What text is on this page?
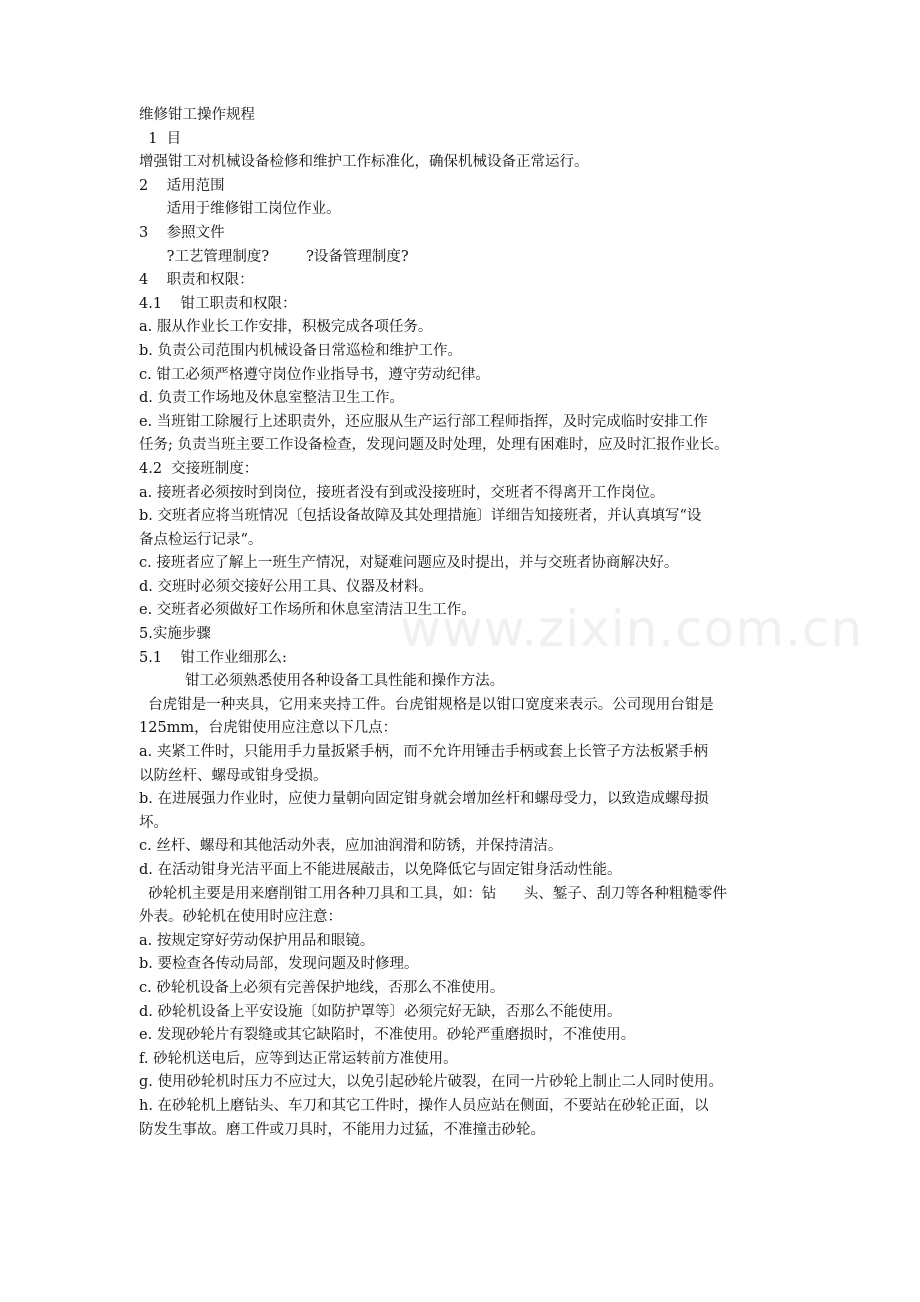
www.zixin.com.cn
维修钳工操作规程
1  目
增强钳工对机械设备检修和维护工作标准化，确保机械设备正常运行。
2    适用范围
适用于维修钳工岗位作业。
3    参照文件
?工艺管理制度?        ?设备管理制度?
4    职责和权限：
4.1    钳工职责和权限：
a. 服从作业长工作安排，积极完成各项任务。
b. 负责公司范围内机械设备日常巡检和维护工作。
c. 钳工必须严格遵守岗位作业指导书，遵守劳动纪律。
d. 负责工作场地及休息室整洁卫生工作。
e. 当班钳工除履行上述职责外，还应服从生产运行部工程师指挥，及时完成临时安排工作
任务; 负责当班主要工作设备检查，发现问题及时处理，处理有困难时，应及时汇报作业长。
4.2  交接班制度：
a. 接班者必须按时到岗位，接班者没有到或没接班时，交班者不得离开工作岗位。
b. 交班者应将当班情况〔包括设备故障及其处理措施〕详细告知接班者，并认真填写“设
备点检运行记录“。
c. 接班者应了解上一班生产情况，对疑难问题应及时提出，并与交班者协商解决好。
d. 交班时必须交接好公用工具、仪器及材料。
e. 交班者必须做好工作场所和休息室清洁卫生工作。
5.实施步骤
5.1    钳工作业细那么:
钳工必须熟悉使用各种设备工具性能和操作方法。
台虎钳是一种夹具，它用来夹持工件。台虎钳规格是以钳口宽度来表示。公司现用台钳是
125mm，台虎钳使用应注意以下几点：
a. 夹紧工件时，只能用手力量扳紧手柄，而不允许用锤击手柄或套上长管子方法板紧手柄
以防丝杆、螺母或钳身受损。
b. 在进展强力作业时，应使力量朝向固定钳身就会增加丝杆和螺母受力，以致造成螺母损
坏。
c. 丝杆、螺母和其他活动外表，应加油润滑和防锈，并保持清洁。
d. 在活动钳身光洁平面上不能进展敲击，以免降低它与固定钳身活动性能。
砂轮机主要是用来磨削钳工用各种刀具和工具，如：钻      头、錾子、刮刀等各种粗糙零件
外表。砂轮机在使用时应注意：
a. 按规定穿好劳动保护用品和眼镜。
b. 要检查各传动局部，发现问题及时修理。
c. 砂轮机设备上必须有完善保护地线，否那么不准使用。
d. 砂轮机设备上平安设施〔如防护罩等〕必须完好无缺，否那么不能使用。
e. 发现砂轮片有裂缝或其它缺陷时，不准使用。砂轮严重磨损时，不准使用。
f. 砂轮机送电后，应等到达正常运转前方准使用。
g. 使用砂轮机时压力不应过大，以免引起砂轮片破裂，在同一片砂轮上制止二人同时使用。
h. 在砂轮机上磨钻头、车刀和其它工件时，操作人员应站在侧面，不要站在砂轮正面，以
防发生事故。磨工件或刀具时，不能用力过猛，不准撞击砂轮。
